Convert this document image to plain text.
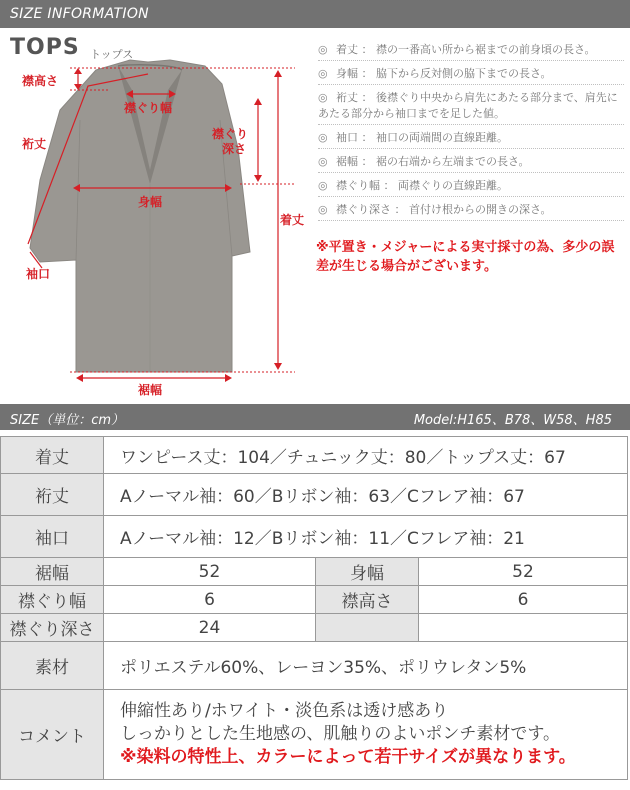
SIZE INFORMATION
TOPS トップス
襟高さ
襟ぐり幅
裄丈
襟ぐり
深さ
身幅
着丈
袖口
裾幅
◎ 着丈 ： 襟の一番高い所から裾までの前身頃の長さ。
◎ 身幅 ： 脇下から反対側の脇下までの長さ。
◎ 裄丈 ： 後襟ぐり中央から肩先にあたる部分まで、肩先にあたる部分から袖口までを足した値。
◎ 袖口 ： 袖口の両端間の直線距離。
◎ 裾幅 ： 裾の右端から左端までの長さ。
◎ 襟ぐり幅 ： 両襟ぐりの直線距離。
◎ 襟ぐり深さ ： 首付け根からの開きの深さ。
※平置き・メジャーによる実寸採寸の為、多少の誤差が生じる場合がございます。
SIZE（単位：cm）	Model:H165、B78、W58、H85
着丈	ワンピース丈：104／チュニック丈：80／トップス丈：67		
裄丈	Aノーマル袖：60／Bリボン袖：63／Cフレア袖：67		
袖口	Aノーマル袖：12／Bリボン袖：11／Cフレア袖：21		
裾幅	52	身幅	52
襟ぐり幅	6	襟高さ	6
襟ぐり深さ	24		
素材	ポリエステル60%、レーヨン35%、ポリウレタン5%		
コメント	伸縮性あり/ホワイト・淡色系は透け感あり
しっかりとした生地感の、肌触りのよいポンチ素材です。
※染料の特性上、カラーによって若干サイズが異なります。		
